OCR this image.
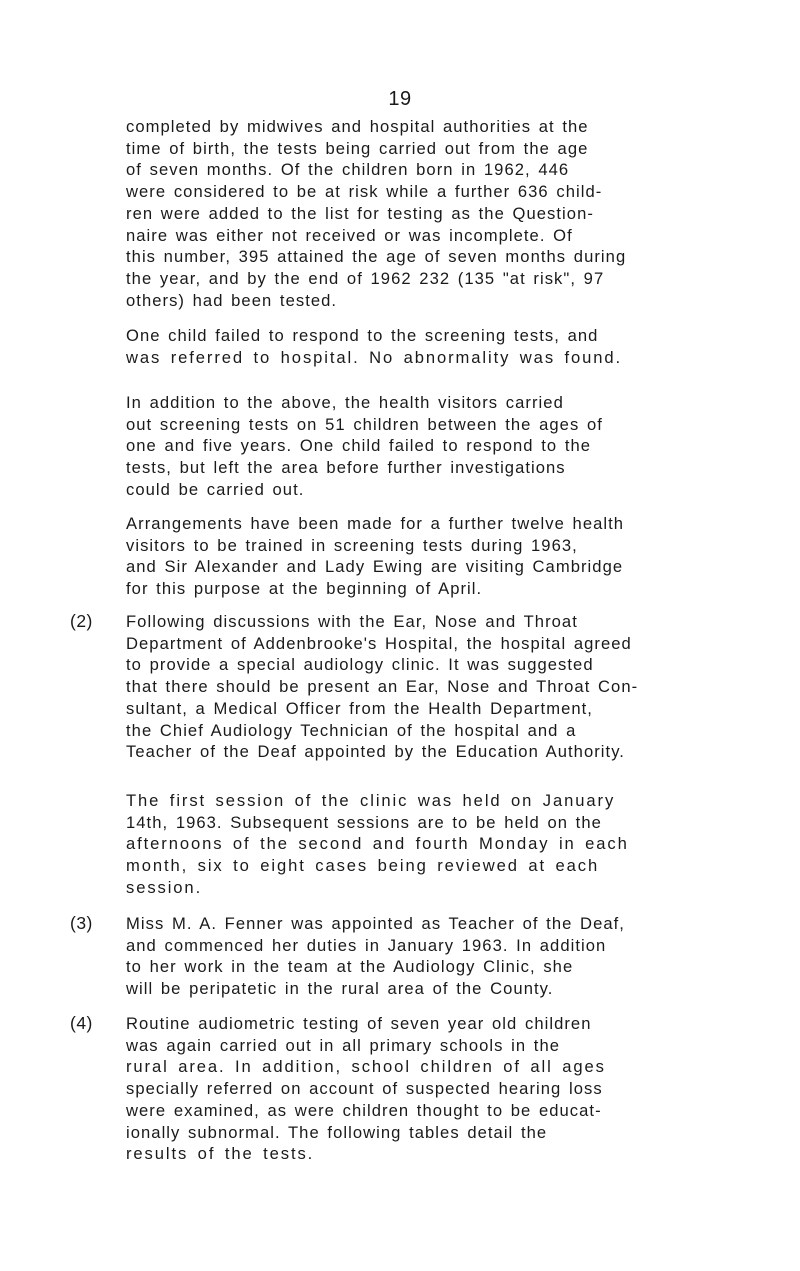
19

completed by midwives and hospital authorities at the
time of birth, the tests being carried out from the age
of seven months. Of the children born in 1962, 446
were considered to be at risk while a further 636 child-
ren were added to the list for testing as the Question-
naire was either not received or was incomplete. Of
this number, 395 attained the age of seven months during
the year, and by the end of 1962 232 (135 "at risk", 97
others) had been tested.

One child failed to respond to the screening tests, and
was referred to hospital. No abnormality was found.

In addition to the above, the health visitors carried
out screening tests on 51 children between the ages of
one and five years. One child failed to respond to the
tests, but left the area before further investigations
could be carried out.

Arrangements have been made for a further twelve health
visitors to be trained in screening tests during 1963,
and Sir Alexander and Lady Ewing are visiting Cambridge
for this purpose at the beginning of April.

(2) Following discussions with the Ear, Nose and Throat
Department of Addenbrooke's Hospital, the hospital agreed
to provide a special audiology clinic. It was suggested
that there should be present an Ear, Nose and Throat Con-
sultant, a Medical Officer from the Health Department,
the Chief Audiology Technician of the hospital and a
Teacher of the Deaf appointed by the Education Authority.

The first session of the clinic was held on January
14th, 1963. Subsequent sessions are to be held on the
afternoons of the second and fourth Monday in each
month, six to eight cases being reviewed at each
session.

(3) Miss M. A. Fenner was appointed as Teacher of the Deaf,
and commenced her duties in January 1963. In addition
to her work in the team at the Audiology Clinic, she
will be peripatetic in the rural area of the County.

(4) Routine audiometric testing of seven year old children
was again carried out in all primary schools in the
rural area. In addition, school children of all ages
specially referred on account of suspected hearing loss
were examined, as were children thought to be educat-
ionally subnormal. The following tables detail the
results of the tests.
